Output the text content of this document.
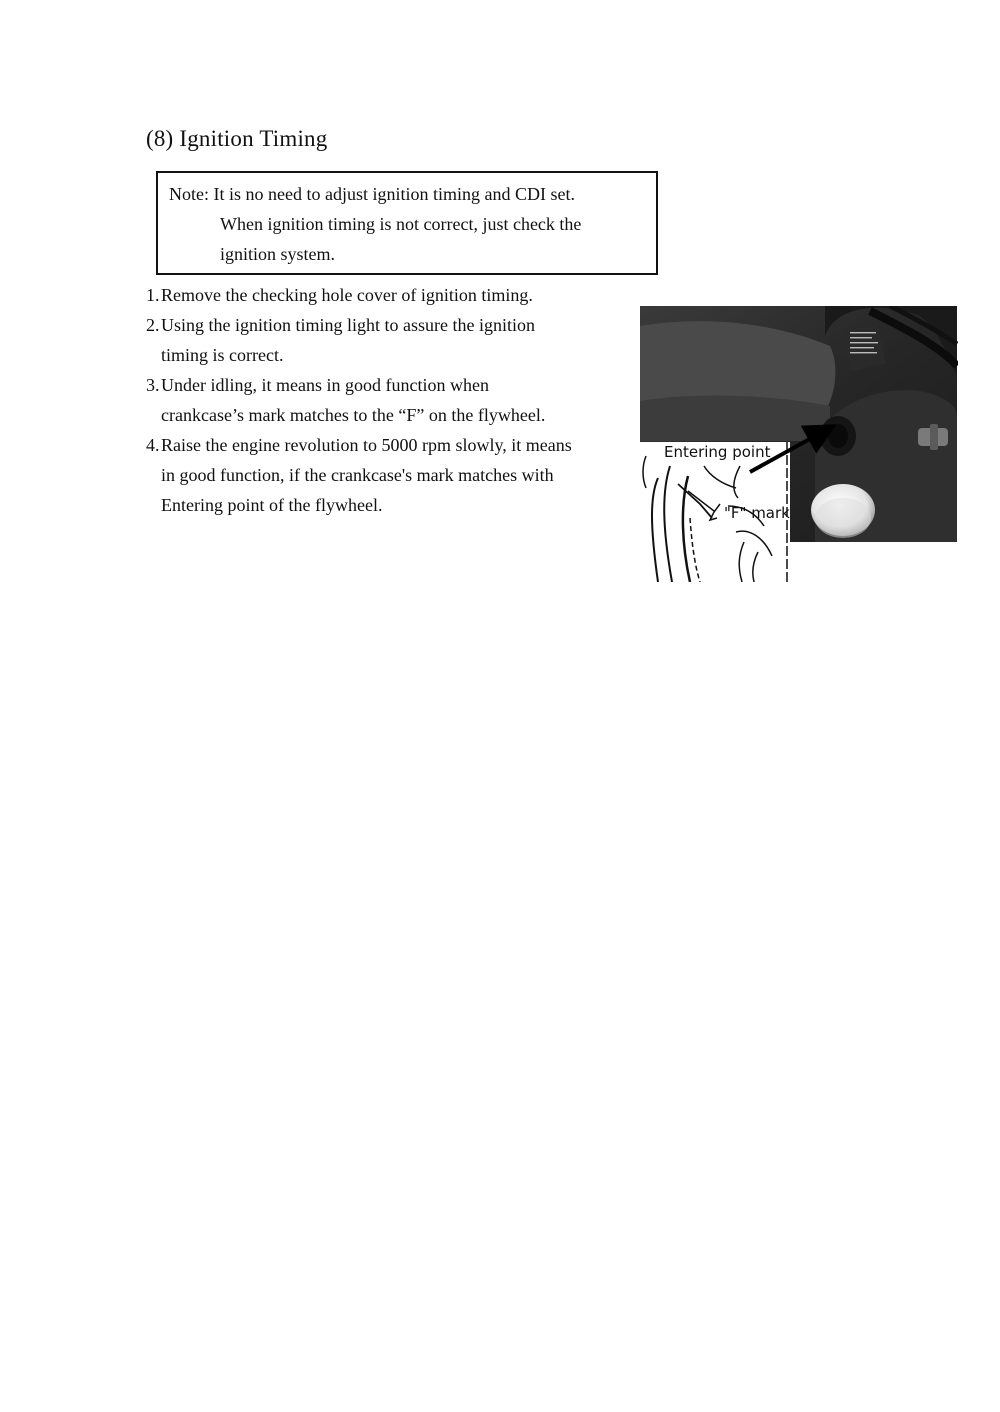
(8) Ignition Timing
Note: It is no need to adjust ignition timing and CDI set.
When ignition timing is not correct, just check the
ignition system.
1.Remove the checking hole cover of ignition timing.
2.Using the ignition timing light to assure the ignition
timing is correct.
3.Under idling, it means in good function when
crankcase’s mark matches to the “F” on the flywheel.
4.Raise the engine revolution to 5000 rpm slowly, it means
in good function, if the crankcase's mark matches with
Entering point of the flywheel.
Entering point
"F" mark
